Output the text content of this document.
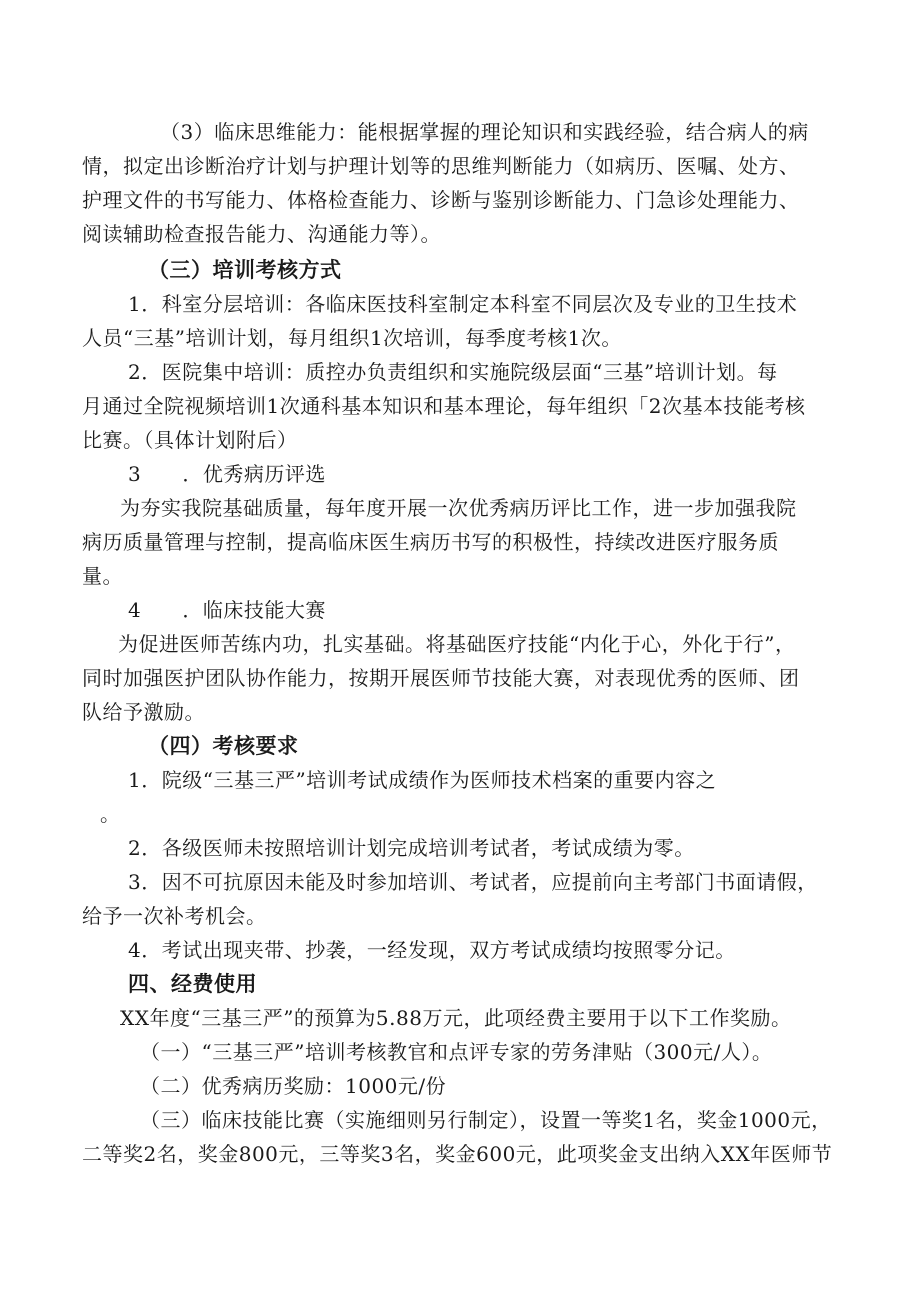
（3）临床思维能力：能根据掌握的理论知识和实践经验，结合病人的病
情，拟定出诊断治疗计划与护理计划等的思维判断能力（如病历、医嘱、处方、
护理文件的书写能力、体格检查能力、诊断与鉴别诊断能力、门急诊处理能力、
阅读辅助检查报告能力、沟通能力等）。
（三）培训考核方式
1．科室分层培训：各临床医技科室制定本科室不同层次及专业的卫生技术
人员“三基”培训计划，每月组织1次培训，每季度考核1次。
2．医院集中培训：质控办负责组织和实施院级层面“三基”培训计划。每
月通过全院视频培训1次通科基本知识和基本理论，每年组织「2次基本技能考核
比赛。（具体计划附后）
3      ．优秀病历评选
为夯实我院基础质量，每年度开展一次优秀病历评比工作，进一步加强我院
病历质量管理与控制，提高临床医生病历书写的积极性，持续改进医疗服务质
量。
4      ．临床技能大赛
为促进医师苦练内功，扎实基础。将基础医疗技能“内化于心，外化于行”，
同时加强医护团队协作能力，按期开展医师节技能大赛，对表现优秀的医师、团
队给予激励。
（四）考核要求
1．院级“三基三严”培训考试成绩作为医师技术档案的重要内容之
。
2．各级医师未按照培训计划完成培训考试者，考试成绩为零。
3．因不可抗原因未能及时参加培训、考试者，应提前向主考部门书面请假，
给予一次补考机会。
4．考试出现夹带、抄袭，一经发现，双方考试成绩均按照零分记。
四、经费使用
XX年度“三基三严”的预算为5.88万元，此项经费主要用于以下工作奖励。
（一）“三基三严”培训考核教官和点评专家的劳务津贴（300元/人）。
（二）优秀病历奖励：1000元/份
（三）临床技能比赛（实施细则另行制定），设置一等奖1名，奖金1000元，
二等奖2名，奖金800元，三等奖3名，奖金600元，此项奖金支出纳入XX年医师节
